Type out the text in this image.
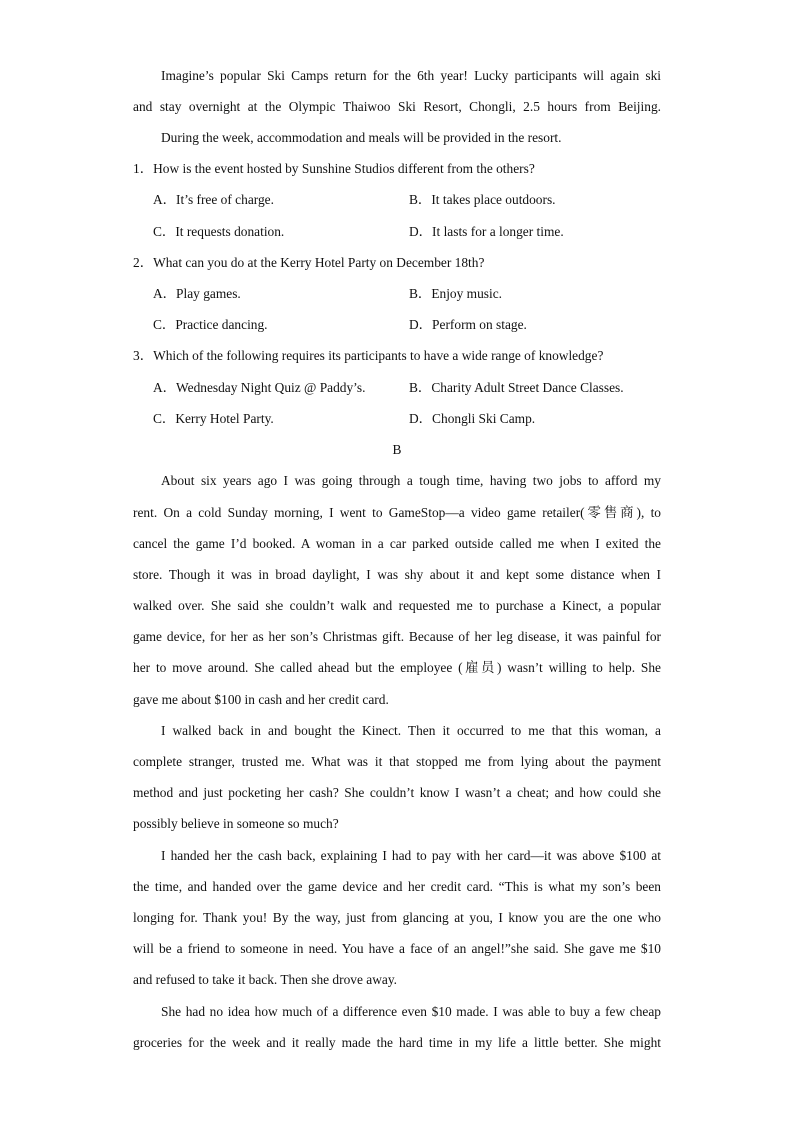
Imagine’s popular Ski Camps return for the 6th year! Lucky participants will again ski
and stay overnight at the Olympic Thaiwoo Ski Resort, Chongli, 2.5 hours from Beijing.
During the week, accommodation and meals will be provided in the resort.
1．How is the event hosted by Sunshine Studios different from the others?
A．It’s free of charge.	B．It takes place outdoors.
C．It requests donation.	D．It lasts for a longer time.
2．What can you do at the Kerry Hotel Party on December 18th?
A．Play games.	B．Enjoy music.
C．Practice dancing.	D．Perform on stage.
3．Which of the following requires its participants to have a wide range of knowledge?
A．Wednesday Night Quiz @ Paddy’s.	B．Charity Adult Street Dance Classes.
C．Kerry Hotel Party.	D．Chongli Ski Camp.
B
About six years ago I was going through a tough time, having two jobs to afford my
rent. On a cold Sunday morning, I went to GameStop—a video game retailer(零售商), to
cancel the game I’d booked. A woman in a car parked outside called me when I exited the
store. Though it was in broad daylight, I was shy about it and kept some distance when I
walked over. She said she couldn’t walk and requested me to purchase a Kinect, a popular
game device, for her as her son’s Christmas gift. Because of her leg disease, it was painful for
her to move around. She called ahead but the employee (雇员) wasn’t willing to help. She
gave me about $100 in cash and her credit card.
I walked back in and bought the Kinect. Then it occurred to me that this woman, a
complete stranger, trusted me. What was it that stopped me from lying about the payment
method and just pocketing her cash? She couldn’t know I wasn’t a cheat; and how could she
possibly believe in someone so much?
I handed her the cash back, explaining I had to pay with her card—it was above $100 at
the time, and handed over the game device and her credit card. “This is what my son’s been
longing for. Thank you! By the way, just from glancing at you, I know you are the one who
will be a friend to someone in need. You have a face of an angel!”she said. She gave me $10
and refused to take it back. Then she drove away.
She had no idea how much of a difference even $10 made. I was able to buy a few cheap
groceries for the week and it really made the hard time in my life a little better. She might
